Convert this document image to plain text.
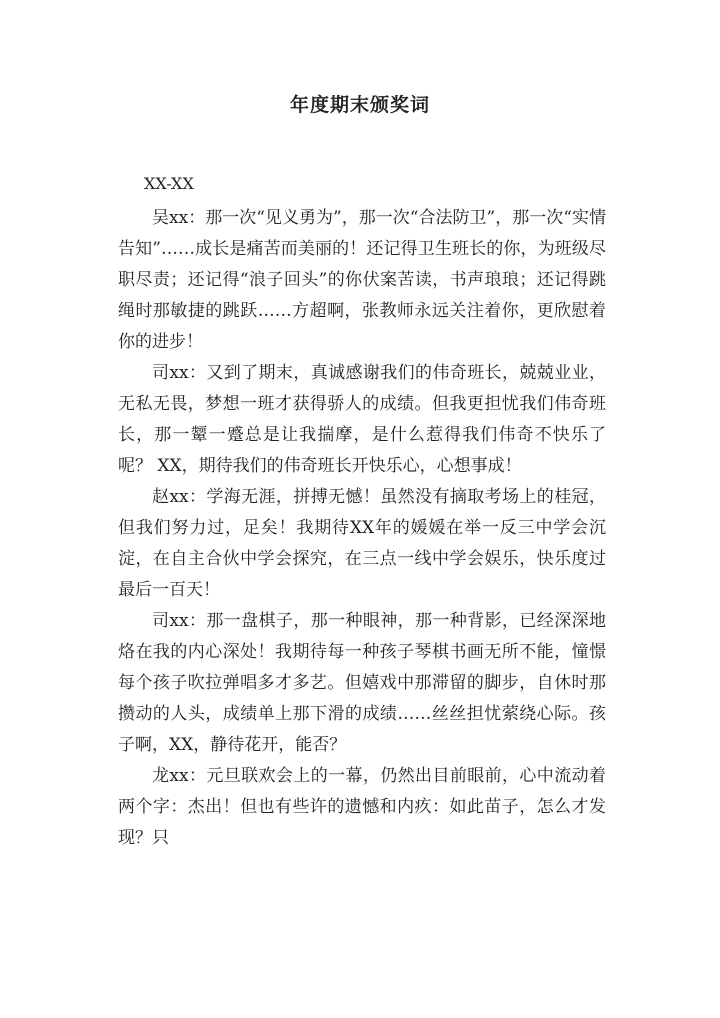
年度期末颁奖词
XX-XX

吴xx：那一次“见义勇为”，那一次“合法防卫”，那一次“实情告知”……成长是痛苦而美丽的！还记得卫生班长的你，为班级尽职尽责；还记得“浪子回头”的你伏案苦读，书声琅琅；还记得跳绳时那敏捷的跳跃……方超啊，张教师永远关注着你，更欣慰着你的进步！

司xx：又到了期末，真诚感谢我们的伟奇班长，兢兢业业，无私无畏，梦想一班才获得骄人的成绩。但我更担忧我们伟奇班长，那一颦一蹙总是让我揣摩，是什么惹得我们伟奇不快乐了呢？ XX，期待我们的伟奇班长开快乐心，心想事成！

赵xx：学海无涯，拼搏无憾！虽然没有摘取考场上的桂冠，但我们努力过，足矣！我期待XX年的媛媛在举一反三中学会沉淀，在自主合伙中学会探究，在三点一线中学会娱乐，快乐度过最后一百天！

司xx：那一盘棋子，那一种眼神，那一种背影，已经深深地烙在我的内心深处！我期待每一种孩子琴棋书画无所不能，憧憬每个孩子吹拉弹唱多才多艺。但嬉戏中那滞留的脚步，自休时那攒动的人头，成绩单上那下滑的成绩……丝丝担忧萦绕心际。孩子啊，XX，静待花开，能否？

龙xx：元旦联欢会上的一幕，仍然出目前眼前，心中流动着两个字：杰出！但也有些许的遗憾和内疚：如此苗子，怎么才发现？只
